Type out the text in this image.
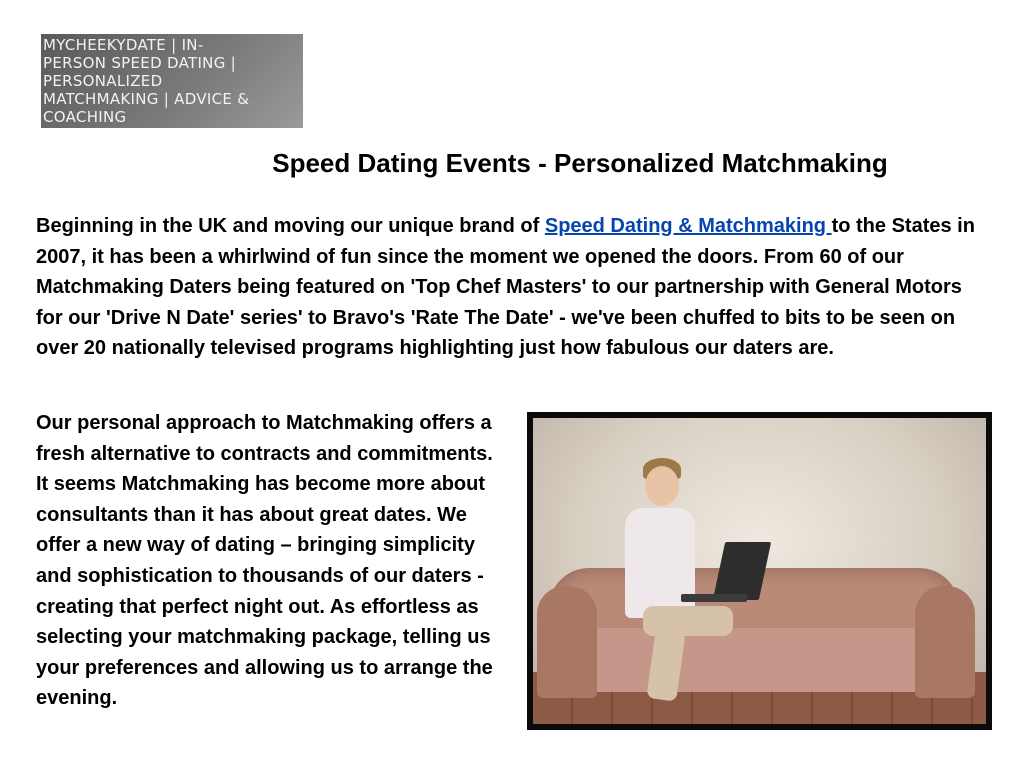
MYCHEEKYDATE | IN-
PERSON SPEED DATING |
PERSONALIZED
MATCHMAKING | ADVICE &
COACHING
Speed Dating Events - Personalized Matchmaking

Beginning in the UK and moving our unique brand of Speed Dating & Matchmaking to the States in 2007, it has been a whirlwind of fun since the moment we opened the doors. From 60 of our Matchmaking Daters being featured on 'Top Chef Masters' to our partnership with General Motors for our 'Drive N Date' series' to Bravo's 'Rate The Date' - we've been chuffed to bits to be seen on over 20 nationally televised programs highlighting just how fabulous our daters are.

Our personal approach to Matchmaking offers a fresh alternative to contracts and commitments. It seems Matchmaking has become more about consultants than it has about great dates. We offer a new way of dating – bringing simplicity and sophistication to thousands of our daters - creating that perfect night out. As effortless as selecting your matchmaking package, telling us your preferences and allowing us to arrange the evening.
